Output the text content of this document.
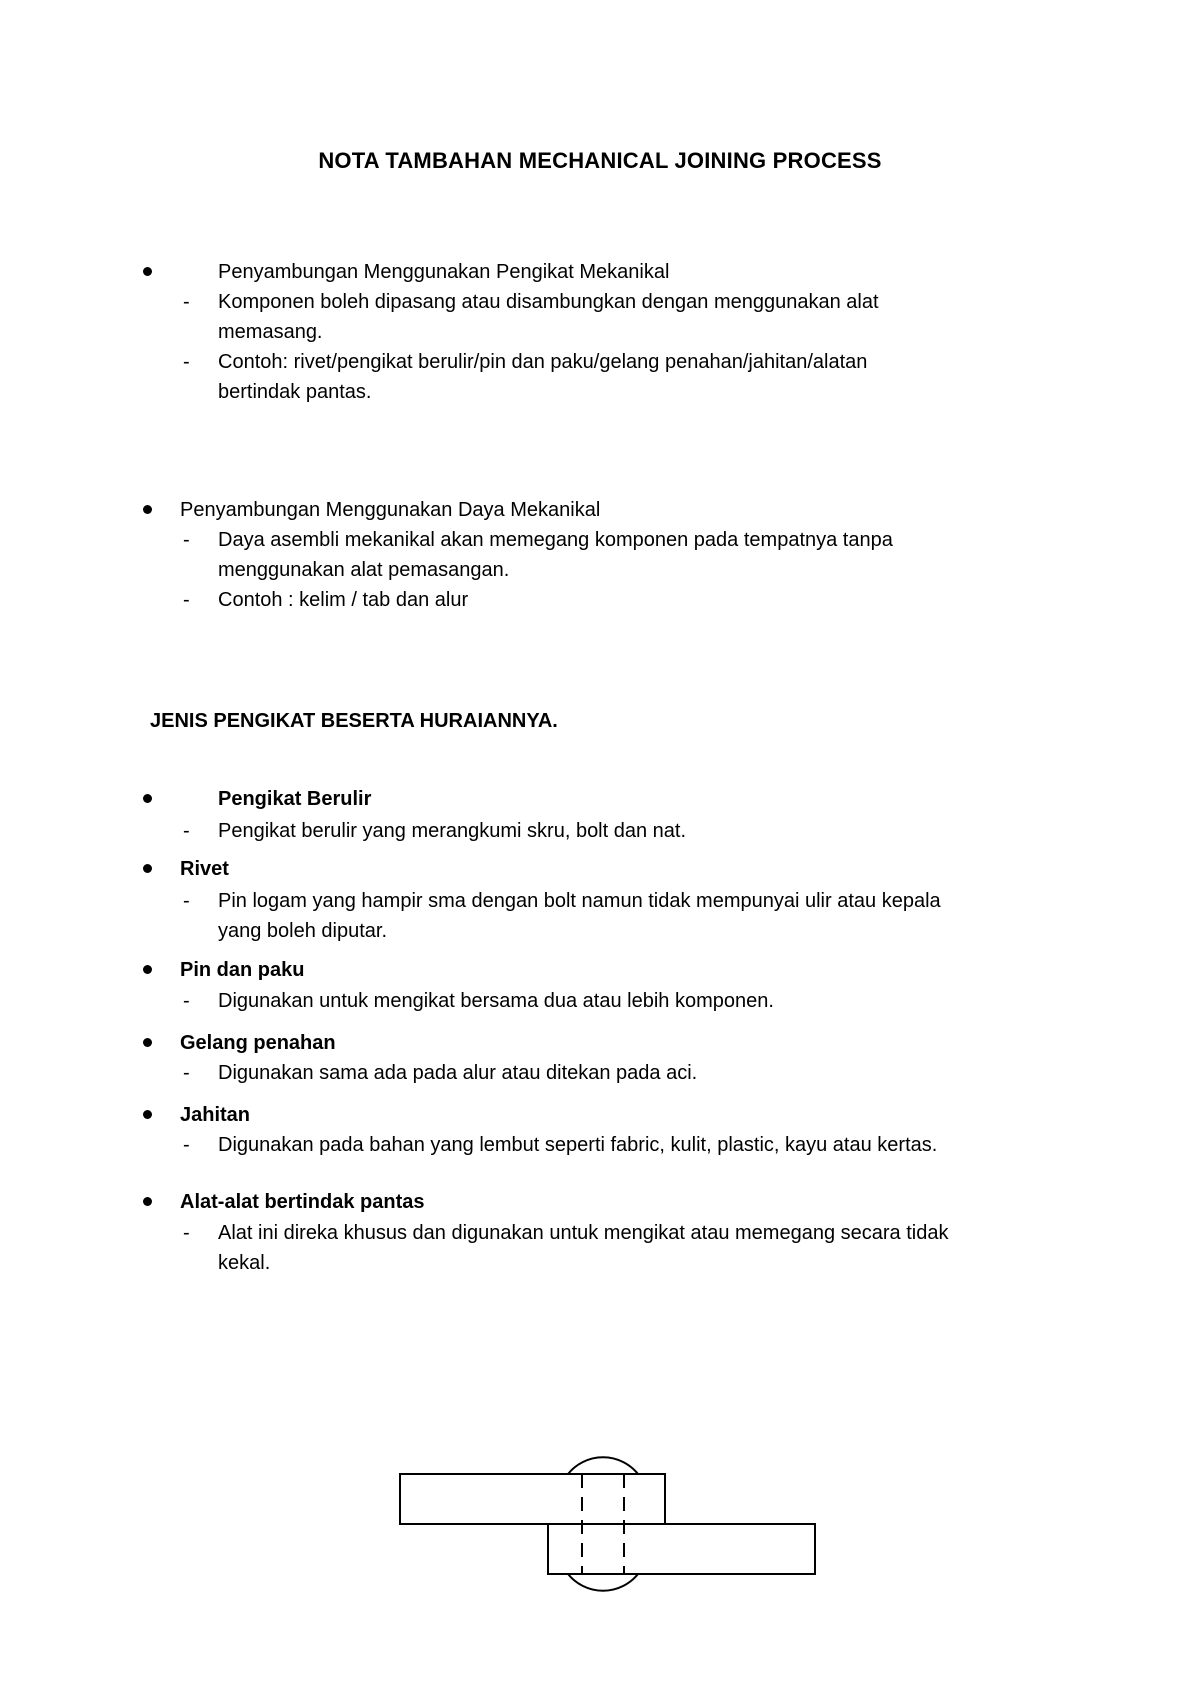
NOTA TAMBAHAN MECHANICAL JOINING PROCESS
Penyambungan Menggunakan Pengikat Mekanikal
- Komponen boleh dipasang atau disambungkan dengan menggunakan alat
memasang.
- Contoh: rivet/pengikat berulir/pin dan paku/gelang penahan/jahitan/alatan
bertindak pantas.
Penyambungan Menggunakan Daya Mekanikal
- Daya asembli mekanikal akan memegang komponen pada tempatnya tanpa
menggunakan alat pemasangan.
- Contoh : kelim / tab dan alur
JENIS PENGIKAT BESERTA HURAIANNYA.
Pengikat Berulir
- Pengikat berulir yang merangkumi skru, bolt dan nat.
Rivet
- Pin logam yang hampir sma dengan bolt namun tidak mempunyai ulir atau kepala
yang boleh diputar.
Pin dan paku
- Digunakan untuk mengikat bersama dua atau lebih komponen.
Gelang penahan
- Digunakan sama ada pada alur atau ditekan pada aci.
Jahitan
- Digunakan pada bahan yang lembut seperti fabric, kulit, plastic, kayu atau kertas.
Alat-alat bertindak pantas
- Alat ini direka khusus dan digunakan untuk mengikat atau memegang secara tidak
kekal.
